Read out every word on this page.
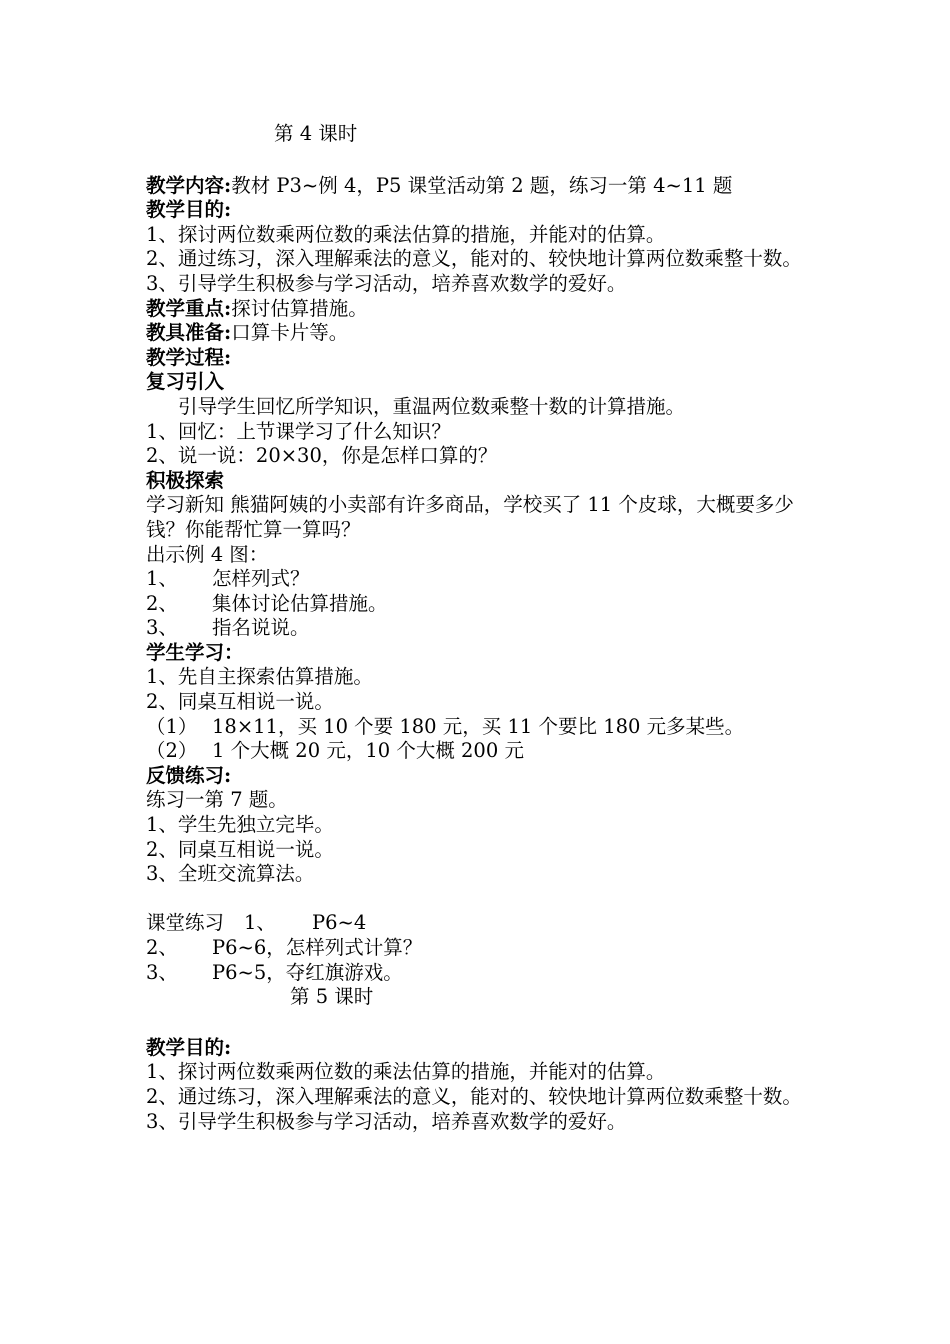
第 4 课时
教学内容:教材 P3~例 4，P5 课堂活动第 2 题，练习一第 4~11 题
教学目的:
1、探讨两位数乘两位数的乘法估算的措施，并能对的估算。
2、通过练习，深入理解乘法的意义，能对的、较快地计算两位数乘整十数。
3、引导学生积极参与学习活动，培养喜欢数学的爱好。
教学重点:探讨估算措施。
教具准备:口算卡片等。
教学过程:
复习引入
引导学生回忆所学知识，重温两位数乘整十数的计算措施。
1、回忆：上节课学习了什么知识？
2、说一说：20×30，你是怎样口算的？
积极探索
学习新知 熊猫阿姨的小卖部有许多商品，学校买了 11 个皮球，大概要多少钱？你能帮忙算一算吗？
出示例 4 图：
1、 怎样列式？
2、 集体讨论估算措施。
3、 指名说说。
学生学习：
1、先自主探索估算措施。
2、同桌互相说一说。
（1） 18×11，买 10 个要 180 元，买 11 个要比 180 元多某些。
（2） 1 个大概 20 元，10 个大概 200 元
反馈练习:
练习一第 7 题。
1、学生先独立完毕。
2、同桌互相说一说。
3、全班交流算法。
课堂练习 1、 P6~4
2、 P6~6，怎样列式计算？
3、 P6~5，夺红旗游戏。
第 5 课时
教学目的:
1、探讨两位数乘两位数的乘法估算的措施，并能对的估算。
2、通过练习，深入理解乘法的意义，能对的、较快地计算两位数乘整十数。
3、引导学生积极参与学习活动，培养喜欢数学的爱好。
